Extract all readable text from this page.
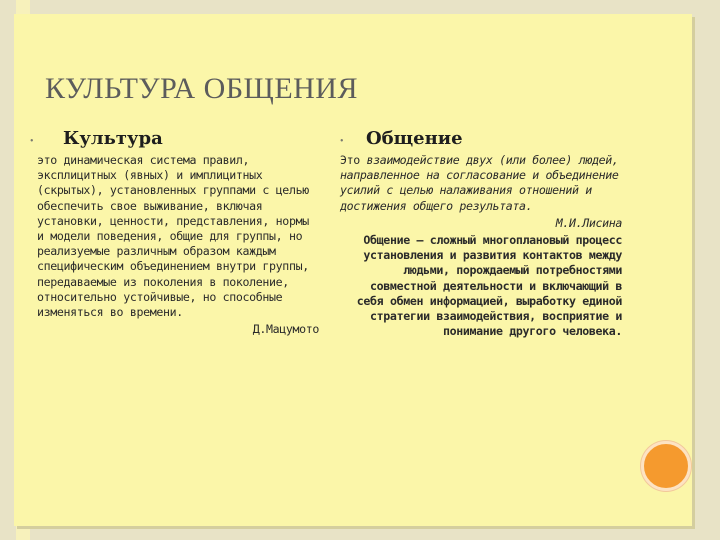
КУЛЬТУРА ОБЩЕНИЯ
• Культура	• Общение
это динамическая система правил, эксплицитных (явных) и имплицитных (скрытых), установленных группами с целью обеспечить свое выживание, включая установки, ценности, представления, нормы и модели поведения, общие для группы, но реализуемые различным образом каждым специфическим объединением внутри группы, передаваемые из поколения в поколение, относительно устойчивые, но способные изменяться во времени.
Д.Мацумото
Это взаимодействие двух (или более) людей, направленное на согласование и объединение усилий с целью налаживания отношений и достижения общего результата.
М.И.Лисина
Общение — сложный многоплановый процесс установления и развития контактов между людьми, порождаемый потребностями совместной деятельности и включающий в себя обмен информацией, выработку единой стратегии взаимодействия, восприятие и понимание другого человека.
